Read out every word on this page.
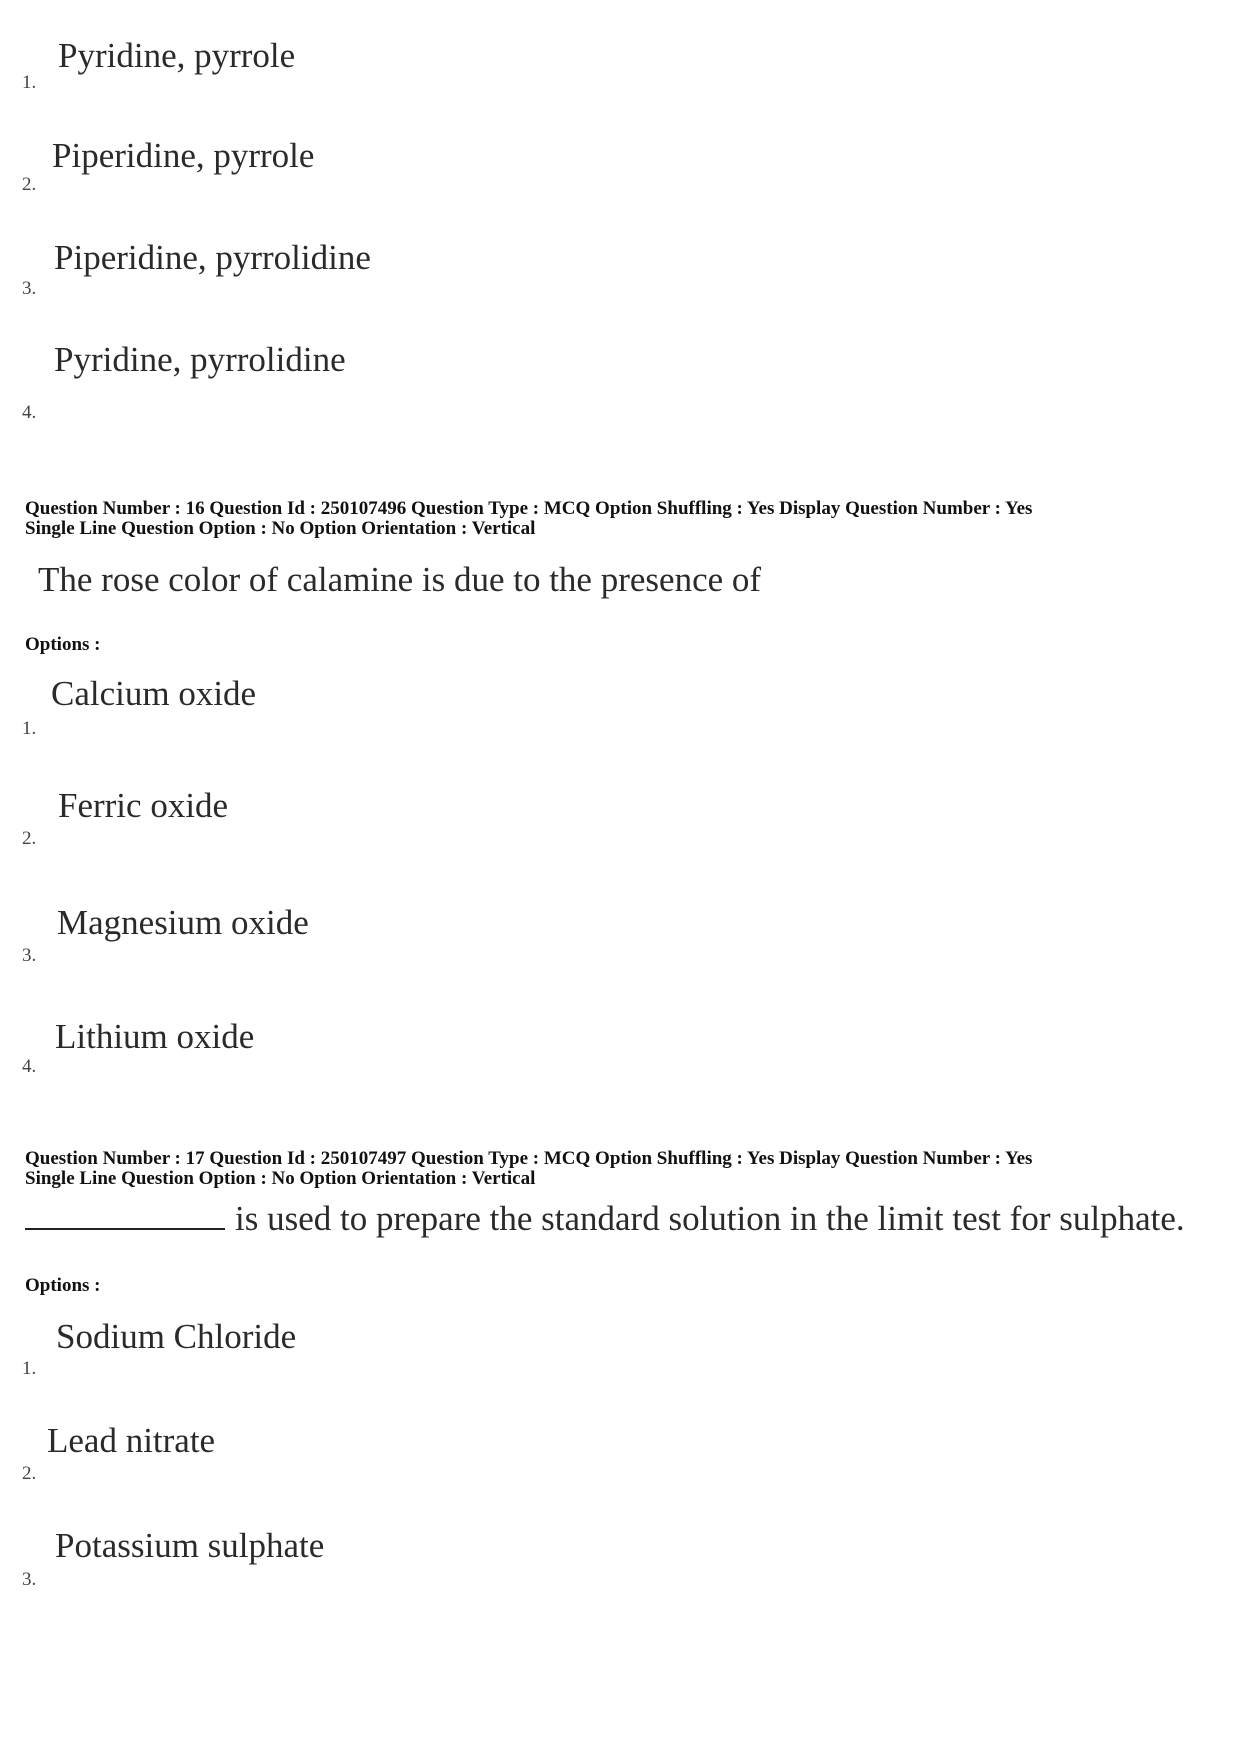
1.
Pyridine, pyrrole
2.
Piperidine, pyrrole
3.
Piperidine, pyrrolidine
4.
Pyridine, pyrrolidine
Question Number : 16 Question Id : 250107496 Question Type : MCQ Option Shuffling : Yes Display Question Number : Yes
Single Line Question Option : No Option Orientation : Vertical
The rose color of calamine is due to the presence of
Options :
1.
Calcium oxide
2.
Ferric oxide
3.
Magnesium oxide
4.
Lithium oxide
Question Number : 17 Question Id : 250107497 Question Type : MCQ Option Shuffling : Yes Display Question Number : Yes
Single Line Question Option : No Option Orientation : Vertical
is used to prepare the standard solution in the limit test for sulphate.
Options :
1.
Sodium Chloride
2.
Lead nitrate
3.
Potassium sulphate
